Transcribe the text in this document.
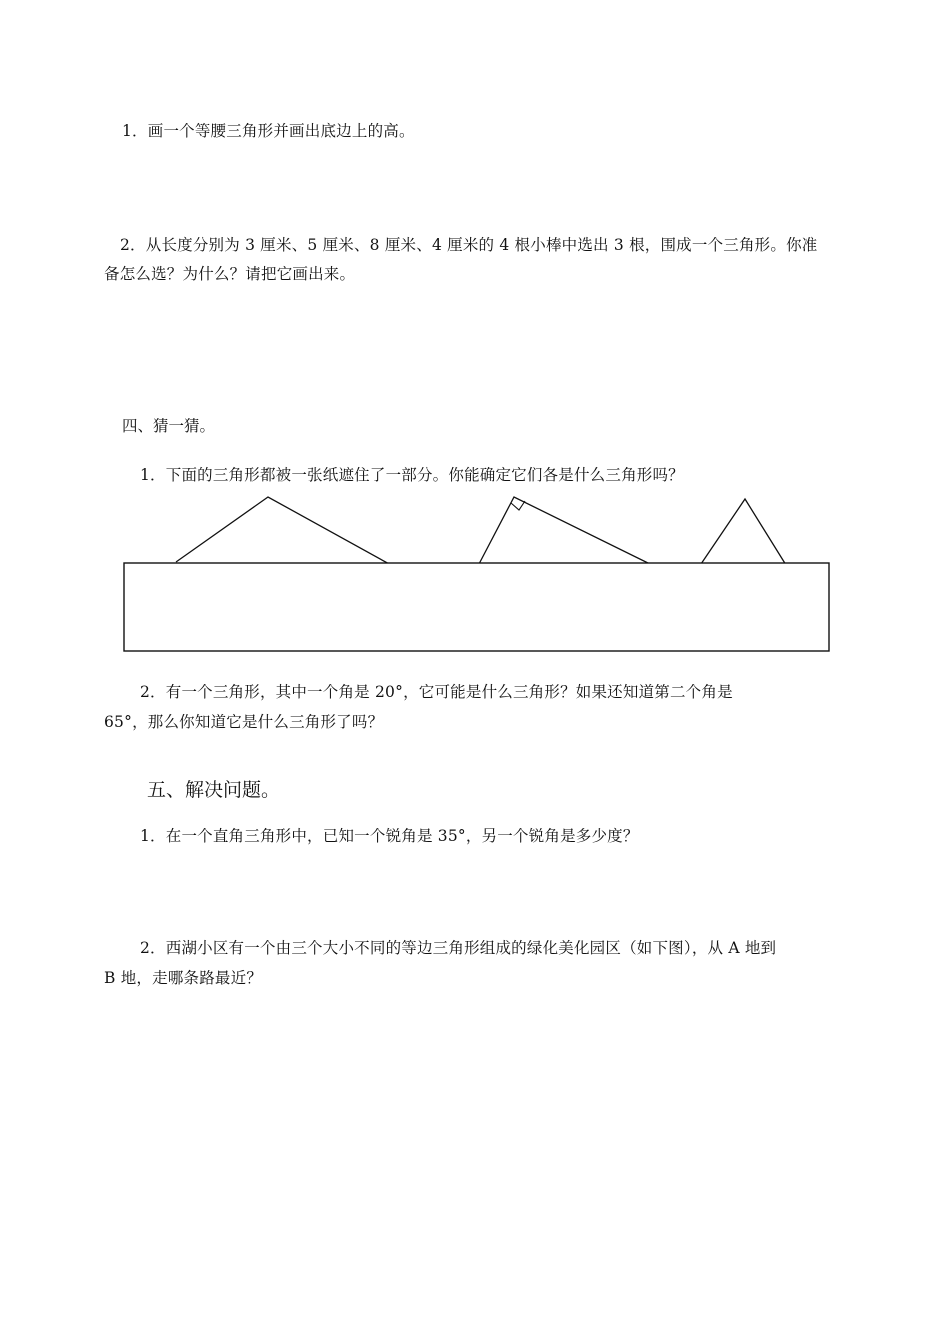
1．画一个等腰三角形并画出底边上的高。
2．从长度分别为 3 厘米、5 厘米、8 厘米、4 厘米的 4 根小棒中选出 3 根，围成一个三角形。你准
备怎么选？为什么？请把它画出来。
四、猜一猜。
1．下面的三角形都被一张纸遮住了一部分。你能确定它们各是什么三角形吗？
2．有一个三角形，其中一个角是 20°，它可能是什么三角形？如果还知道第二个角是
65°，那么你知道它是什么三角形了吗？
五、解决问题。
1．在一个直角三角形中，已知一个锐角是 35°，另一个锐角是多少度？
2．西湖小区有一个由三个大小不同的等边三角形组成的绿化美化园区（如下图），从 A 地到
B 地，走哪条路最近？
